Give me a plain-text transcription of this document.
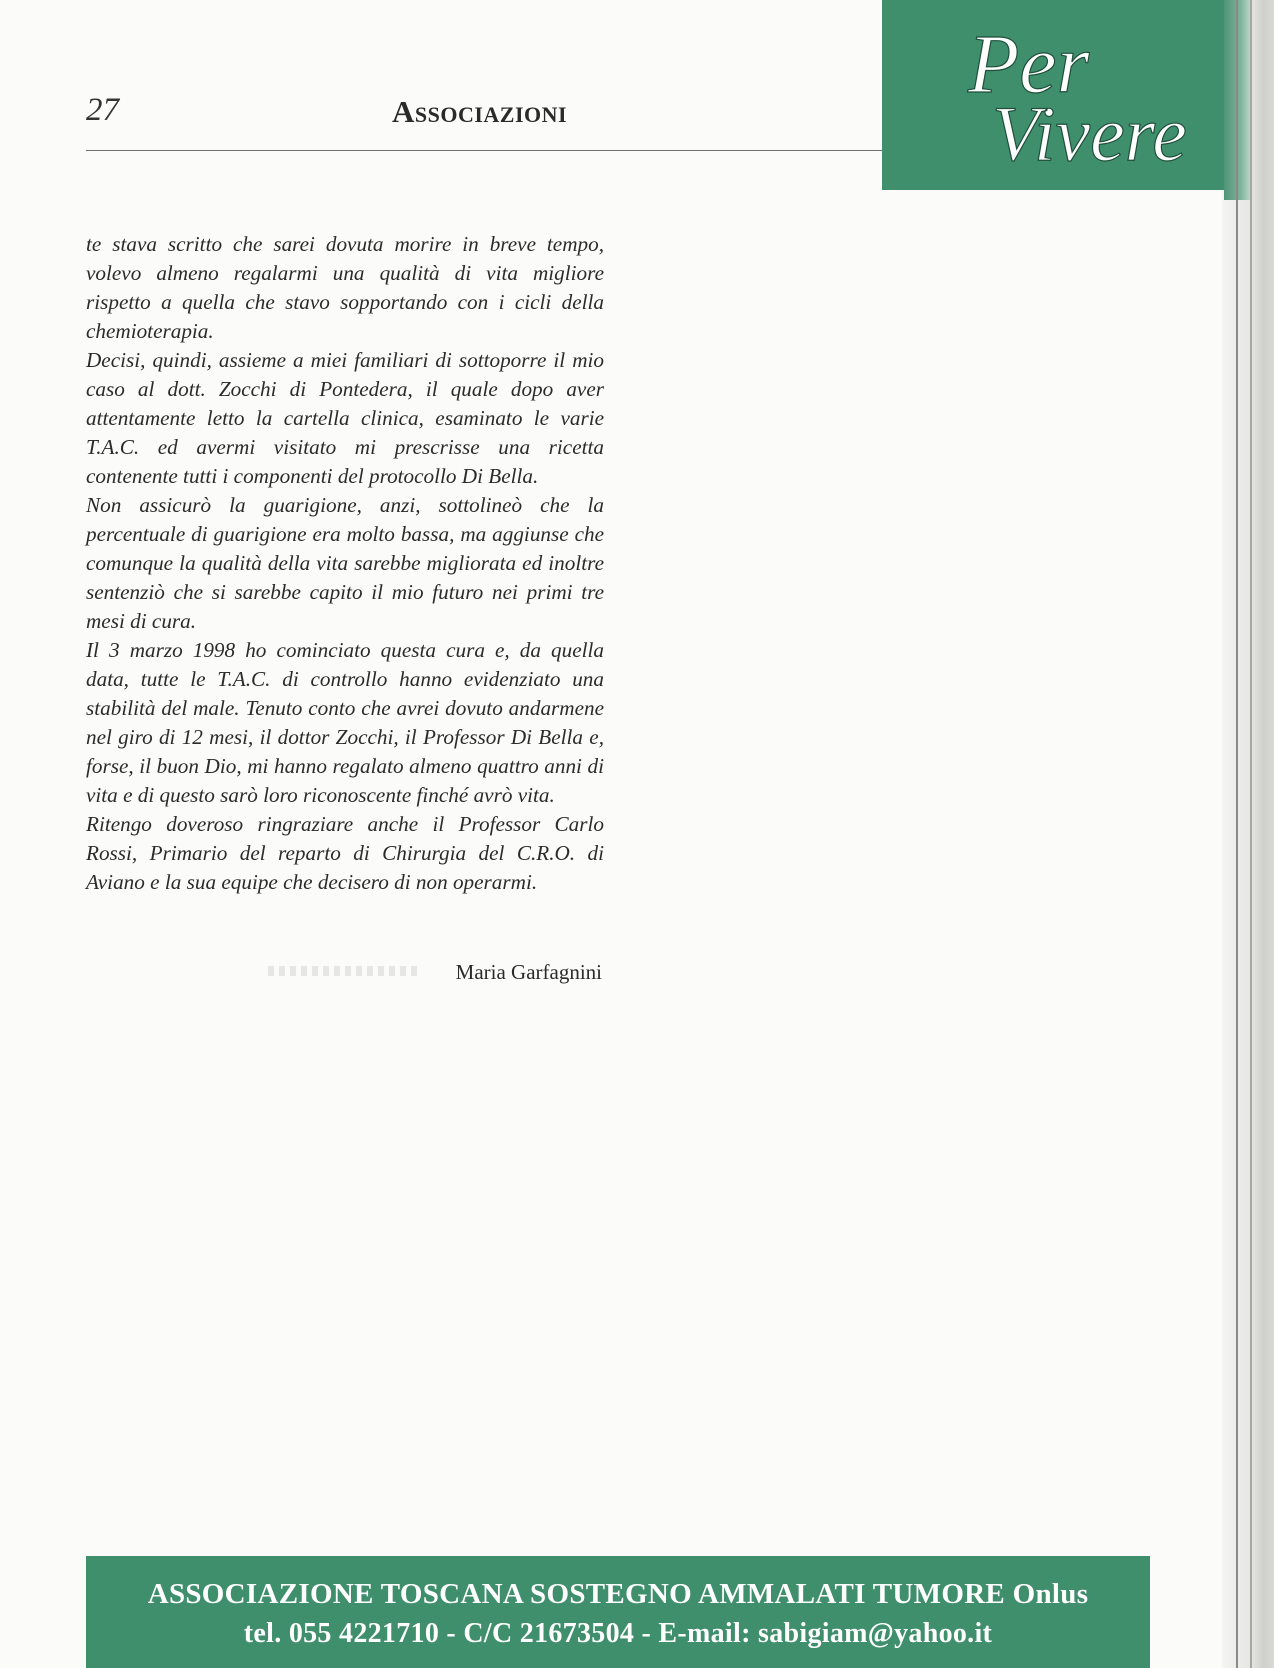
27	Associazioni
Per
Vivere

te stava scritto che sarei dovuta morire in breve tempo, volevo almeno regalarmi una qualità di vita migliore rispetto a quella che stavo sopportando con i cicli della chemioterapia.

Decisi, quindi, assieme a miei familiari di sottoporre il mio caso al dott. Zocchi di Pontedera, il quale dopo aver attentamente letto la cartella clinica, esaminato le varie T.A.C. ed avermi visitato mi prescrisse una ricetta contenente tutti i componenti del protocollo Di Bella.

Non assicurò la guarigione, anzi, sottolineò che la percentuale di guarigione era molto bassa, ma aggiunse che comunque la qualità della vita sarebbe migliorata ed inoltre sentenziò che si sarebbe capito il mio futuro nei primi tre mesi di cura.

Il 3 marzo 1998 ho cominciato questa cura e, da quella data, tutte le T.A.C. di controllo hanno evidenziato una stabilità del male. Tenuto conto che avrei dovuto andarmene nel giro di 12 mesi, il dottor Zocchi, il Professor Di Bella e, forse, il buon Dio, mi hanno regalato almeno quattro anni di vita e di questo sarò loro riconoscente finché avrò vita.

Ritengo doveroso ringraziare anche il Professor Carlo Rossi, Primario del reparto di Chirurgia del C.R.O. di Aviano e la sua equipe che decisero di non operarmi.

Maria Garfagnini
ASSOCIAZIONE TOSCANA SOSTEGNO AMMALATI TUMORE Onlus
tel. 055 4221710 - C/C 21673504 - E-mail: sabigiam@yahoo.it
